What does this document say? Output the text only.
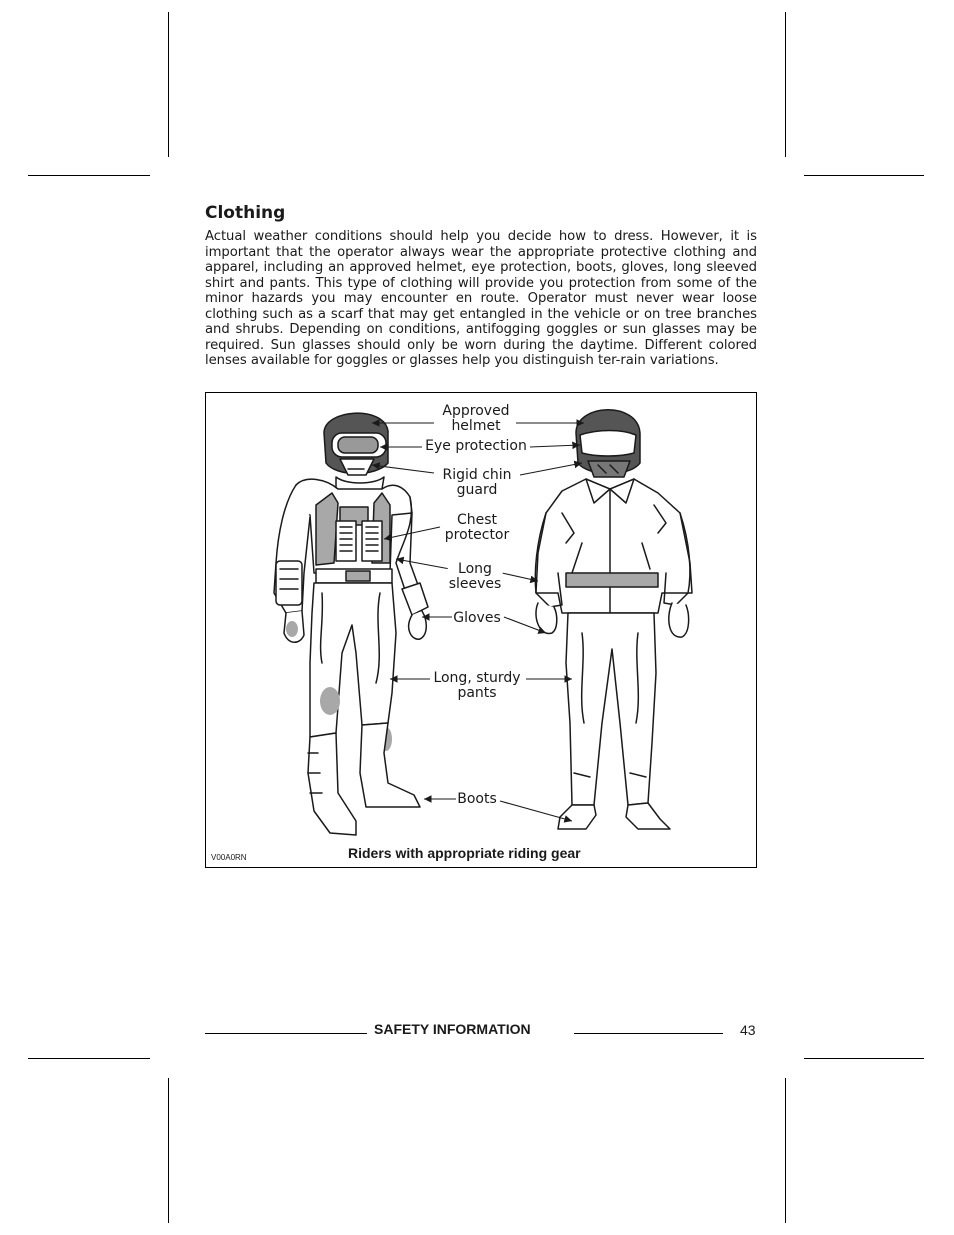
Clothing

Actual weather conditions should help you decide how to dress. However, it is important that the operator always wear the appropriate protective clothing and apparel, including an approved helmet, eye protection, boots, gloves, long sleeved shirt and pants. This type of clothing will provide you protection from some of the minor hazards you may encounter en route. Operator must never wear loose clothing such as a scarf that may get entangled in the vehicle or on tree branches and shrubs. Depending on conditions, antifogging goggles or sun glasses may be required. Sun glasses should only be worn during the daytime. Different colored lenses available for goggles or glasses help you distinguish ter-rain variations.

Approved
helmet
Eye protection
Rigid chin
guard
Chest
protector
Long
sleeves
Gloves
Long, sturdy
pants
Boots
V00A0RN	Riders with appropriate riding gear
SAFETY INFORMATION	43
